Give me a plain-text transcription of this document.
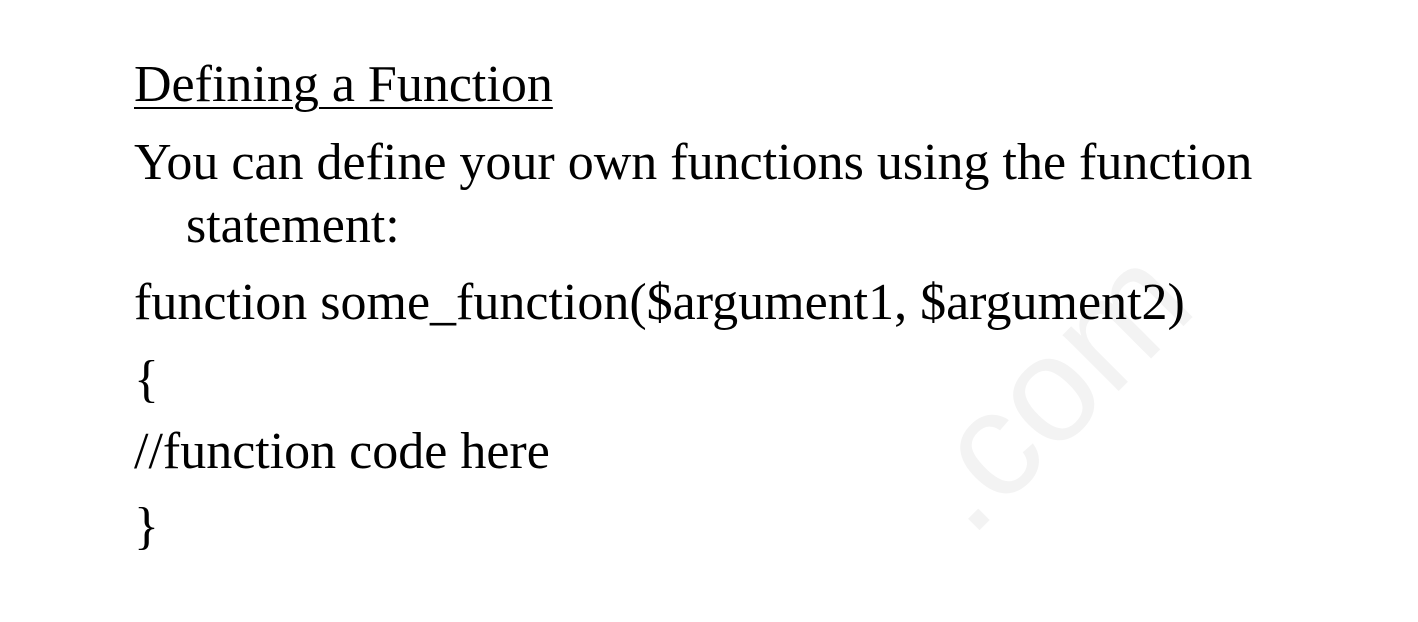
.com
Defining a Function
You can define your own functions using the function
statement:
function some_function($argument1, $argument2)
{
//function code here
}
